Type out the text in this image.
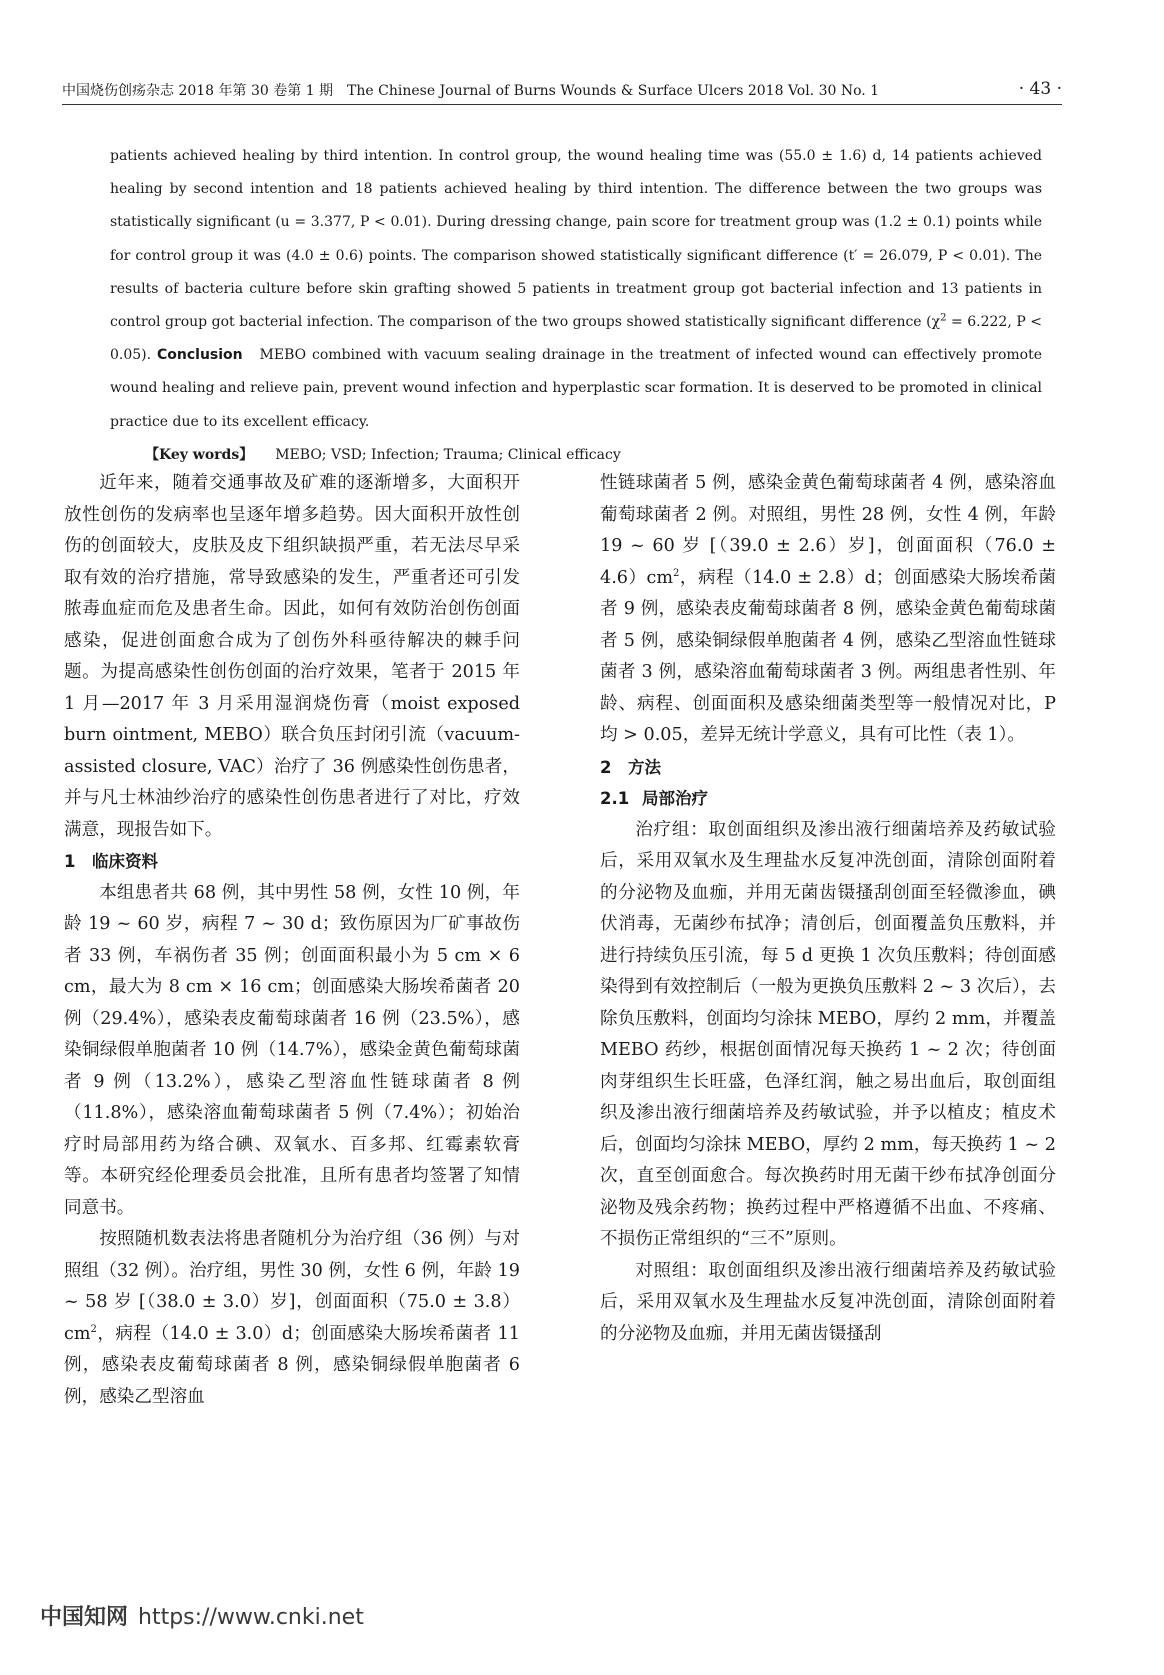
中国烧伤创疡杂志 2018 年第 30 卷第 1 期　The Chinese Journal of Burns Wounds & Surface Ulcers 2018 Vol. 30 No. 1	· 43 ·

patients achieved healing by third intention. In control group, the wound healing time was (55.0 ± 1.6) d, 14 patients achieved healing by second intention and 18 patients achieved healing by third intention. The difference between the two groups was statistically significant (u = 3.377, P < 0.01). During dressing change, pain score for treatment group was (1.2 ± 0.1) points while for control group it was (4.0 ± 0.6) points. The comparison showed statistically significant difference (t′ = 26.079, P < 0.01). The results of bacteria culture before skin grafting showed 5 patients in treatment group got bacterial infection and 13 patients in control group got bacterial infection. The comparison of the two groups showed statistically significant difference ($\chi^2 = 6.222$, P < 0.05). Conclusion　 MEBO combined with vacuum sealing drainage in the treatment of infected wound can effectively promote wound healing and relieve pain, prevent wound infection and hyperplastic scar formation. It is deserved to be promoted in clinical practice due to its excellent efficacy.

【Key words】 MEBO; VSD; Infection; Trauma; Clinical efficacy

近年来，随着交通事故及矿难的逐渐增多，大面积开放性创伤的发病率也呈逐年增多趋势。因大面积开放性创伤的创面较大，皮肤及皮下组织缺损严重，若无法尽早采取有效的治疗措施，常导致感染的发生，严重者还可引发脓毒血症而危及患者生命。因此，如何有效防治创伤创面感染，促进创面愈合成为了创伤外科亟待解决的棘手问题。为提高感染性创伤创面的治疗效果，笔者于 2015 年 1 月—2017 年 3 月采用湿润烧伤膏（moist exposed burn ointment, MEBO）联合负压封闭引流（vacuum-assisted closure, VAC）治疗了 36 例感染性创伤患者，并与凡士林油纱治疗的感染性创伤患者进行了对比，疗效满意，现报告如下。

1 临床资料

本组患者共 68 例，其中男性 58 例，女性 10 例，年龄 19 ~ 60 岁，病程 7 ~ 30 d；致伤原因为厂矿事故伤者 33 例，车祸伤者 35 例；创面面积最小为 5 cm × 6 cm，最大为 8 cm × 16 cm；创面感染大肠埃希菌者 20 例（29.4%），感染表皮葡萄球菌者 16 例（23.5%），感染铜绿假单胞菌者 10 例（14.7%），感染金黄色葡萄球菌者 9 例（13.2%），感染乙型溶血性链球菌者 8 例（11.8%），感染溶血葡萄球菌者 5 例（7.4%）；初始治疗时局部用药为络合碘、双氧水、百多邦、红霉素软膏等。本研究经伦理委员会批准，且所有患者均签署了知情同意书。

按照随机数表法将患者随机分为治疗组（36 例）与对照组（32 例）。治疗组，男性 30 例，女性 6 例，年龄 19 ~ 58 岁 [（38.0 ± 3.0）岁]，创面面积$(75.0 \pm 3.8)cm^2$，病程（14.0 ± 3.0）d；创面感染大肠埃希菌者 11 例，感染表皮葡萄球菌者 8 例，感染铜绿假单胞菌者 6 例，感染乙型溶血

性链球菌者 5 例，感染金黄色葡萄球菌者 4 例，感染溶血葡萄球菌者 2 例。对照组，男性 28 例，女性 4 例，年龄 19 ~ 60 岁 [（39.0 ± 2.6）岁]，创面面积$(76.0 \pm 4.6)cm^2$，病程（14.0 ± 2.8）d；创面感染大肠埃希菌者 9 例，感染表皮葡萄球菌者 8 例，感染金黄色葡萄球菌者 5 例，感染铜绿假单胞菌者 4 例，感染乙型溶血性链球菌者 3 例，感染溶血葡萄球菌者 3 例。两组患者性别、年龄、病程、创面面积及感染细菌类型等一般情况对比，P 均 > 0.05，差异无统计学意义，具有可比性（表 1）。

2 方法

2.1 局部治疗

治疗组：取创面组织及渗出液行细菌培养及药敏试验后，采用双氧水及生理盐水反复冲洗创面，清除创面附着的分泌物及血痂，并用无菌齿镊搔刮创面至轻微渗血，碘伏消毒，无菌纱布拭净；清创后，创面覆盖负压敷料，并进行持续负压引流，每 5 d 更换 1 次负压敷料；待创面感染得到有效控制后（一般为更换负压敷料 2 ~ 3 次后），去除负压敷料，创面均匀涂抹 MEBO，厚约 2 mm，并覆盖 MEBO 药纱，根据创面情况每天换药 1 ~ 2 次；待创面肉芽组织生长旺盛，色泽红润，触之易出血后，取创面组织及渗出液行细菌培养及药敏试验，并予以植皮；植皮术后，创面均匀涂抹 MEBO，厚约 2 mm，每天换药 1 ~ 2 次，直至创面愈合。每次换药时用无菌干纱布拭净创面分泌物及残余药物；换药过程中严格遵循不出血、不疼痛、不损伤正常组织的“三不”原则。

对照组：取创面组织及渗出液行细菌培养及药敏试验后，采用双氧水及生理盐水反复冲洗创面，清除创面附着的分泌物及血痂，并用无菌齿镊搔刮

中国知网 https://www.cnki.net
